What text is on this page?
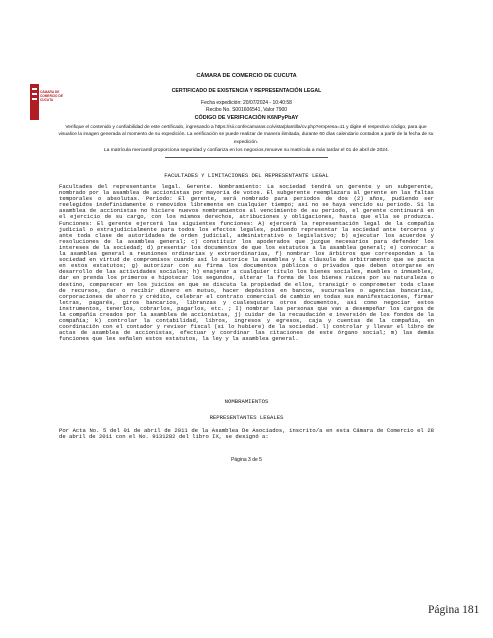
CÁMARA DE COMERCIO DE CÚCUTA
CÁMARA DE COMERCIO DE CUCUTA
CERTIFICADO DE EXISTENCIA Y REPRESENTACIÓN LEGAL
Fecha expedición: 20/07/2024 - 10:40:58
Recibo No. S001606541, Valor 7900
CÓDIGO DE VERIFICACIÓN K6NPyPbAY
Verifique el contenido y confiabilidad de este certificado, ingresando a https://sii.confecamaras.co/vista/plantilla/cv.php?empresa=11 y digite el respectivo código, para que visualice la imagen generada al momento de su expedición. La verificación se puede realizar de manera ilimitada, durante 60 días calendario contados a partir de la fecha de su expedición.
La matrícula mercantil proporciona seguridad y confianza en los negocios,renueve su matrícula a más tardar el 01 de abril de 2024.
FACULTADES Y LIMITACIONES DEL REPRESENTANTE LEGAL

Facultades del representante legal. Gerente. Nombramiento: La sociedad tendrá un gerente y un subgerente, nombrado por la asamblea de accionistas por mayoría de votos. El subgerente reemplazara al gerente en las faltas temporales o absolutas. Periodo: El gerente, será nombrado para periodos de dos (2) años, pudiendo ser reelegidos indefinidamente o removidos libremente en cualquier tiempo; así no se haya vencido su periodo. Si la asamblea de accionistas no hiciere nuevos nombramientos al vencimiento de su periodo, el gerente continuará en el ejercicio de su cargo, con los mismos derechos, atribuciones y obligaciones, hasta que ella se produzca. Funciones: El gerente ejercerá las siguientes funciones: A) ejercerá la representación legal de la compañía judicial o extrajudicialmente para todos los efectos legales, pudiendo representar la sociedad ante terceros y ante toda clase de autoridades de orden judicial, administrativo o legislativo; b) ejecutar los acuerdos y resoluciones de la asamblea general; c) constituir los apoderados que juzgue necesarios para defender los intereses de la sociedad; d) presentar los documentos de que los estatutos a la asamblea general; e) convocar a la asamblea general a reuniones ordinarias y extraordinarias, f) nombrar los árbitros que correspondan a la sociedad en virtud de compromisos cuando así lo autorice la asamblea y la cláusula de arbitramento que se pacta en estos estatutos; g) autorizar con su firma los documentos públicos o privados que deben otorgarse en desarrollo de las actividades sociales; h) enajenar a cualquier título los bienes sociales, muebles o inmuebles, dar en prenda los primeros e hipotecar los segundos, alterar la forma de los bienes raíces por su naturaleza o destino, comparecer en los juicios en que se discuta la propiedad de ellos, transigir o comprometer toda clase de recursos, dar o recibir dinero en mutuo, hacer depósitos en bancos, sucursales o agencias bancarias, corporaciones de ahorro y crédito, celebrar el contrato comercial de cambio en todas sus manifestaciones, firmar letras, pagarés, giros bancarios, libranzas y cualesquiera otros documentos, así como negociar estos instrumentos, tenerlos, cobrarlos, pagarlos, etc. ; I) nombrar las personas que van a desempeñar los cargos de la compañía creados por la asamblea de accionistas, j) cuidar de la recaudación e inversión de los fondos de la compañía; k) controlar la contabilidad, libros, ingresos y egresos, caja y cuentas de la compañía, en coordinación con el contador y revisor fiscal (si lo hubiere) de la sociedad. l) controlar y llevar el libro de actas de asamblea de accionistas, efectuar y coordinar las citaciones de este órgano social; m) las demás funciones que les señalen estos estatutos, la ley y la asamblea general.

NOMBRAMIENTOS
REPRESENTANTES LEGALES

Por Acta No. 5 del 01 de abril de 2011 de la Asamblea De Asociados, inscrito/a en esta Cámara de Comercio el 28 de abril de 2011 con el No. 9131282 del libro IX, se designó a:

Página 3 de 5
Página 181
